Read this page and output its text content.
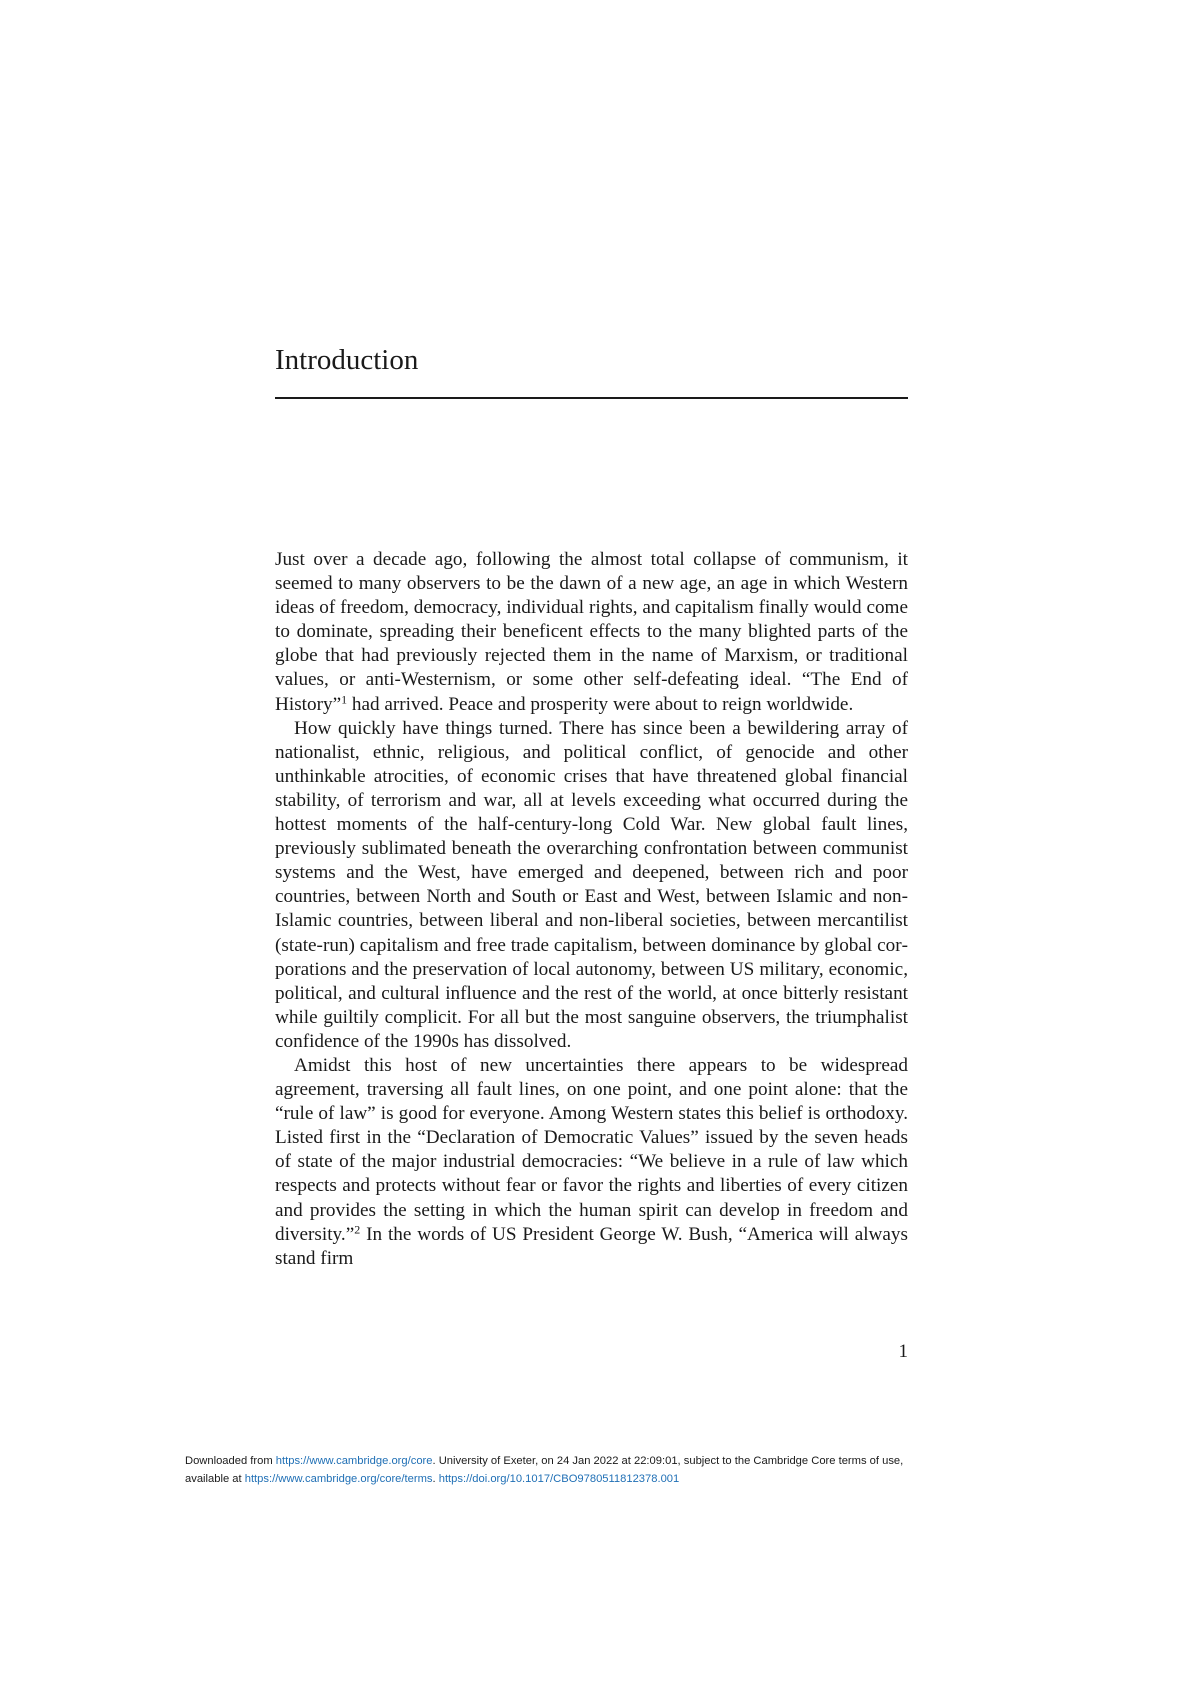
Introduction

Just over a decade ago, following the almost total collapse of communism, it seemed to many observers to be the dawn of a new age, an age in which Western ideas of freedom, democracy, individual rights, and capitalism finally would come to dominate, spreading their beneficent effects to the many blighted parts of the globe that had previously rejected them in the name of Marxism, or traditional values, or anti-Westernism, or some other self-defeating ideal. “The End of History”$^1$ had arrived. Peace and prosperity were about to reign worldwide.

How quickly have things turned. There has since been a bewildering array of nationalist, ethnic, religious, and political conflict, of genocide and other unthinkable atrocities, of economic crises that have threatened global financial stability, of terrorism and war, all at levels exceeding what occurred during the hottest moments of the half-century-long Cold War. New global fault lines, previously sublimated beneath the overarching confrontation between communist systems and the West, have emerged and deepened, between rich and poor countries, between North and South or East and West, between Islamic and non-Islamic countries, between liberal and non-liberal societies, between mercantilist (state-run) capitalism and free trade capitalism, between dominance by global corporations and the preservation of local autonomy, between US military, economic, political, and cultural influence and the rest of the world, at once bitterly resistant while guiltily complicit. For all but the most sanguine observers, the triumphalist confidence of the 1990s has dissolved.

Amidst this host of new uncertainties there appears to be widespread agreement, traversing all fault lines, on one point, and one point alone: that the “rule of law” is good for everyone. Among Western states this belief is orthodoxy. Listed first in the “Declaration of Democratic Values” issued by the seven heads of state of the major industrial democracies: “We believe in a rule of law which respects and protects without fear or favor the rights and liberties of every citizen and provides the setting in which the human spirit can develop in freedom and diversity.”$^2$ In the words of US President George W. Bush, “America will always stand firm

1
Downloaded from https://www.cambridge.org/core. University of Exeter, on 24 Jan 2022 at 22:09:01, subject to the Cambridge Core terms of use,
available at https://www.cambridge.org/core/terms. https://doi.org/10.1017/CBO9780511812378.001
